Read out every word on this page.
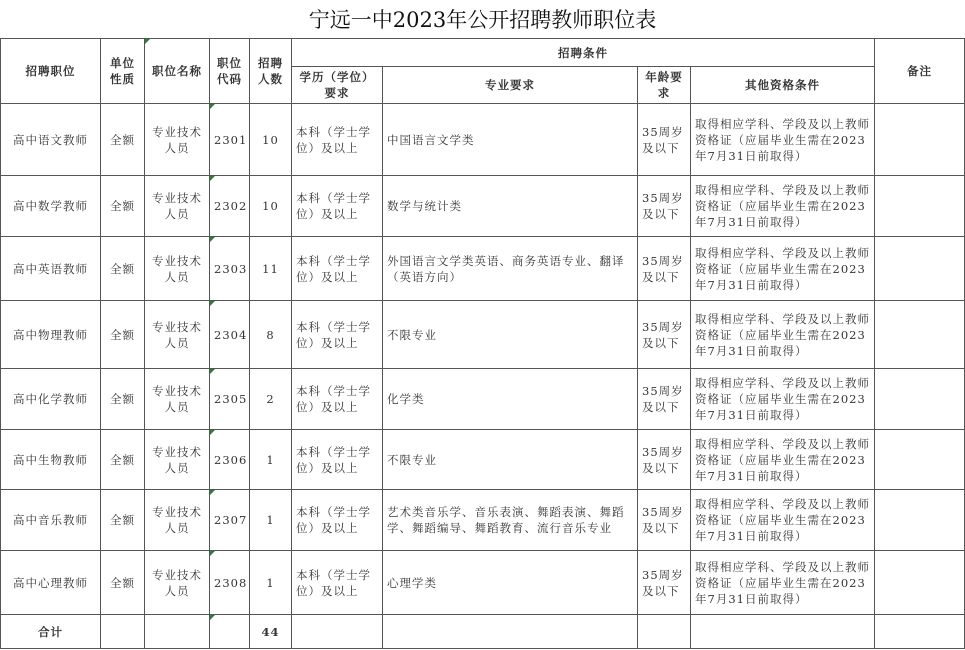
宁远一中2023年公开招聘教师职位表
招聘职位	单位性质	职位名称	职位代码	招聘人数	招聘条件				备注
					学历（学位）要求	专业要求	年龄要求	其他资格条件	
高中语文教师	全额	专业技术人员	2301	10	本科（学士学位）及以上	中国语言文学类	35周岁及以下	取得相应学科、学段及以上教师资格证（应届毕业生需在2023年7月31日前取得）	
高中数学教师	全额	专业技术人员	2302	10	本科（学士学位）及以上	数学与统计类	35周岁及以下	取得相应学科、学段及以上教师资格证（应届毕业生需在2023年7月31日前取得）	
高中英语教师	全额	专业技术人员	2303	11	本科（学士学位）及以上	外国语言文学类英语、商务英语专业、翻译（英语方向）	35周岁及以下	取得相应学科、学段及以上教师资格证（应届毕业生需在2023年7月31日前取得）	
高中物理教师	全额	专业技术人员	2304	8	本科（学士学位）及以上	不限专业	35周岁及以下	取得相应学科、学段及以上教师资格证（应届毕业生需在2023年7月31日前取得）	
高中化学教师	全额	专业技术人员	2305	2	本科（学士学位）及以上	化学类	35周岁及以下	取得相应学科、学段及以上教师资格证（应届毕业生需在2023年7月31日前取得）	
高中生物教师	全额	专业技术人员	2306	1	本科（学士学位）及以上	不限专业	35周岁及以下	取得相应学科、学段及以上教师资格证（应届毕业生需在2023年7月31日前取得）	
高中音乐教师	全额	专业技术人员	2307	1	本科（学士学位）及以上	艺术类音乐学、音乐表演、舞蹈表演、舞蹈学、舞蹈编导、舞蹈教育、流行音乐专业	35周岁及以下	取得相应学科、学段及以上教师资格证（应届毕业生需在2023年7月31日前取得）	
高中心理教师	全额	专业技术人员	2308	1	本科（学士学位）及以上	心理学类	35周岁及以下	取得相应学科、学段及以上教师资格证（应届毕业生需在2023年7月31日前取得）	
合计				44					
